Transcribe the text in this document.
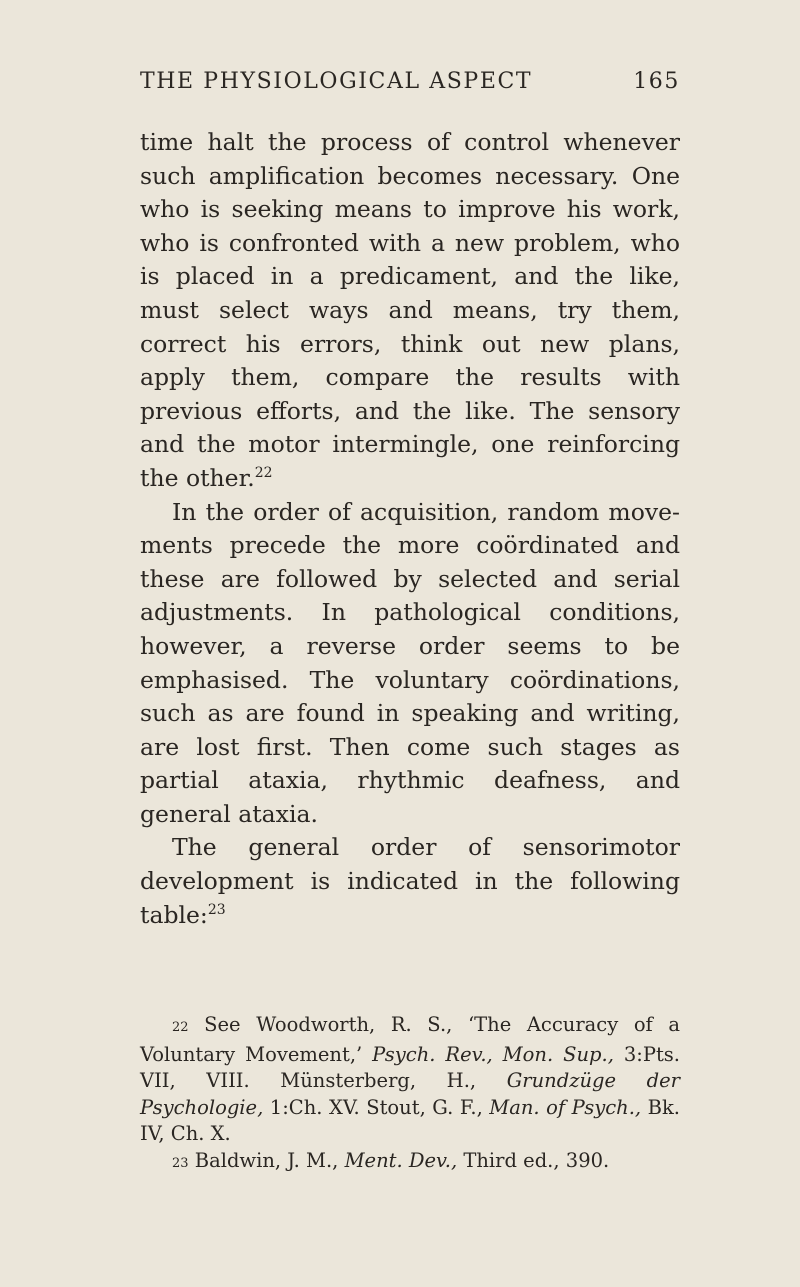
THE PHYSIOLOGICAL ASPECT	165

time halt the process of control whenever such amplification becomes necessary. One who is seeking means to improve his work, who is confronted with a new problem, who is placed in a predicament, and the like, must select ways and means, try them, correct his errors, think out new plans, apply them, compare the results with previous efforts, and the like. The sensory and the motor intermingle, one reinforcing the other.$^{22}$

In the order of acquisition, random movements precede the more coördinated and these are followed by selected and serial adjustments. In pathological conditions, however, a reverse order seems to be emphasised. The voluntary coördinations, such as are found in speaking and writing, are lost first. Then come such stages as partial ataxia, rhythmic deafness, and general ataxia.

The general order of sensorimotor development is indicated in the following table:$^{23}$

22 See Woodworth, R. S., ‘The Accuracy of a Voluntary Movement,’ Psych. Rev., Mon. Sup., 3:Pts. VII, VIII. Münsterberg, H., Grundzüge der Psychologie, 1:Ch. XV. Stout, G. F., Man. of Psych., Bk. IV, Ch. X.

23 Baldwin, J. M., Ment. Dev., Third ed., 390.
